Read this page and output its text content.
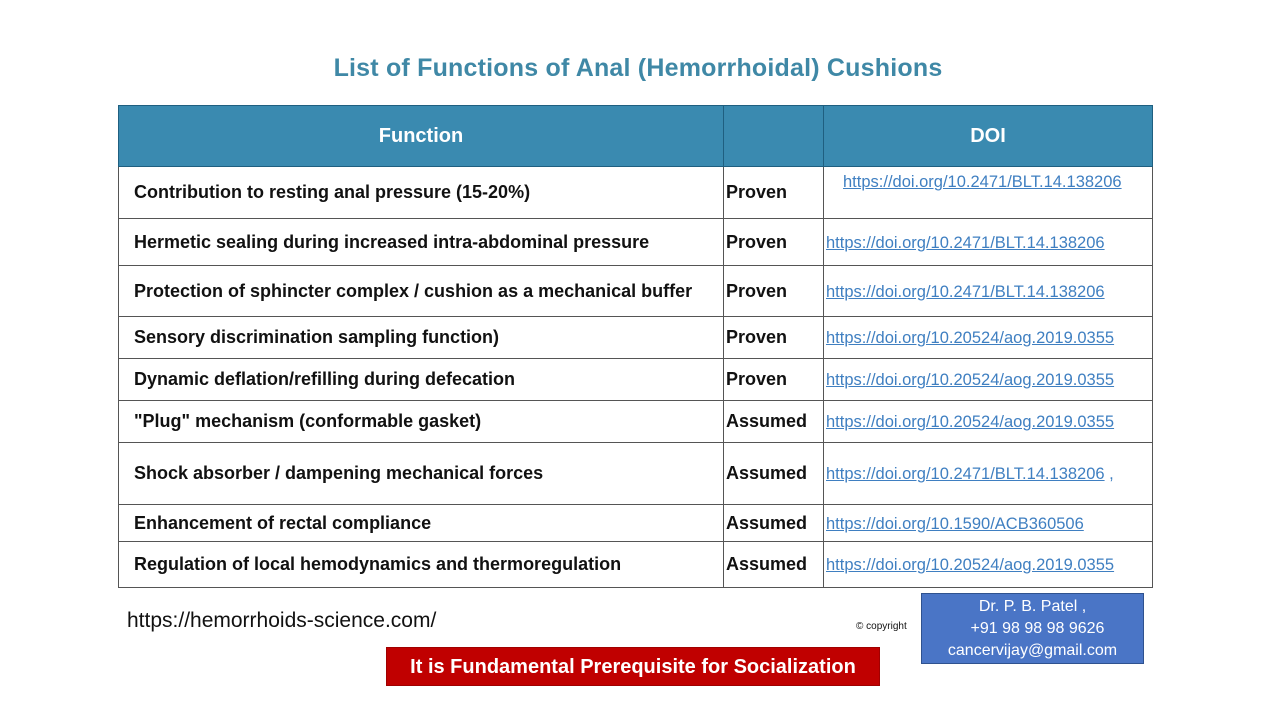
List of Functions of Anal (Hemorrhoidal) Cushions
Function		DOI
Contribution to resting anal pressure (15-20%)	Proven	https://doi.org/10.2471/BLT.14.138206
Hermetic sealing during increased intra-abdominal pressure	Proven	https://doi.org/10.2471/BLT.14.138206
Protection of sphincter complex / cushion as a mechanical buffer	Proven	https://doi.org/10.2471/BLT.14.138206
Sensory discrimination sampling function)	Proven	https://doi.org/10.20524/aog.2019.0355
Dynamic deflation/refilling during defecation	Proven	https://doi.org/10.20524/aog.2019.0355
"Plug" mechanism (conformable gasket)	Assumed	https://doi.org/10.20524/aog.2019.0355
Shock absorber / dampening mechanical forces	Assumed	https://doi.org/10.2471/BLT.14.138206 ,
Enhancement of rectal compliance	Assumed	https://doi.org/10.1590/ACB360506
Regulation of local hemodynamics and thermoregulation	Assumed	https://doi.org/10.20524/aog.2019.0355
https://hemorrhoids-science.com/	© copyright
Dr. P. B. Patel ,
+91 98 98 98 9626
cancervijay@gmail.com
It is Fundamental Prerequisite for Socialization
